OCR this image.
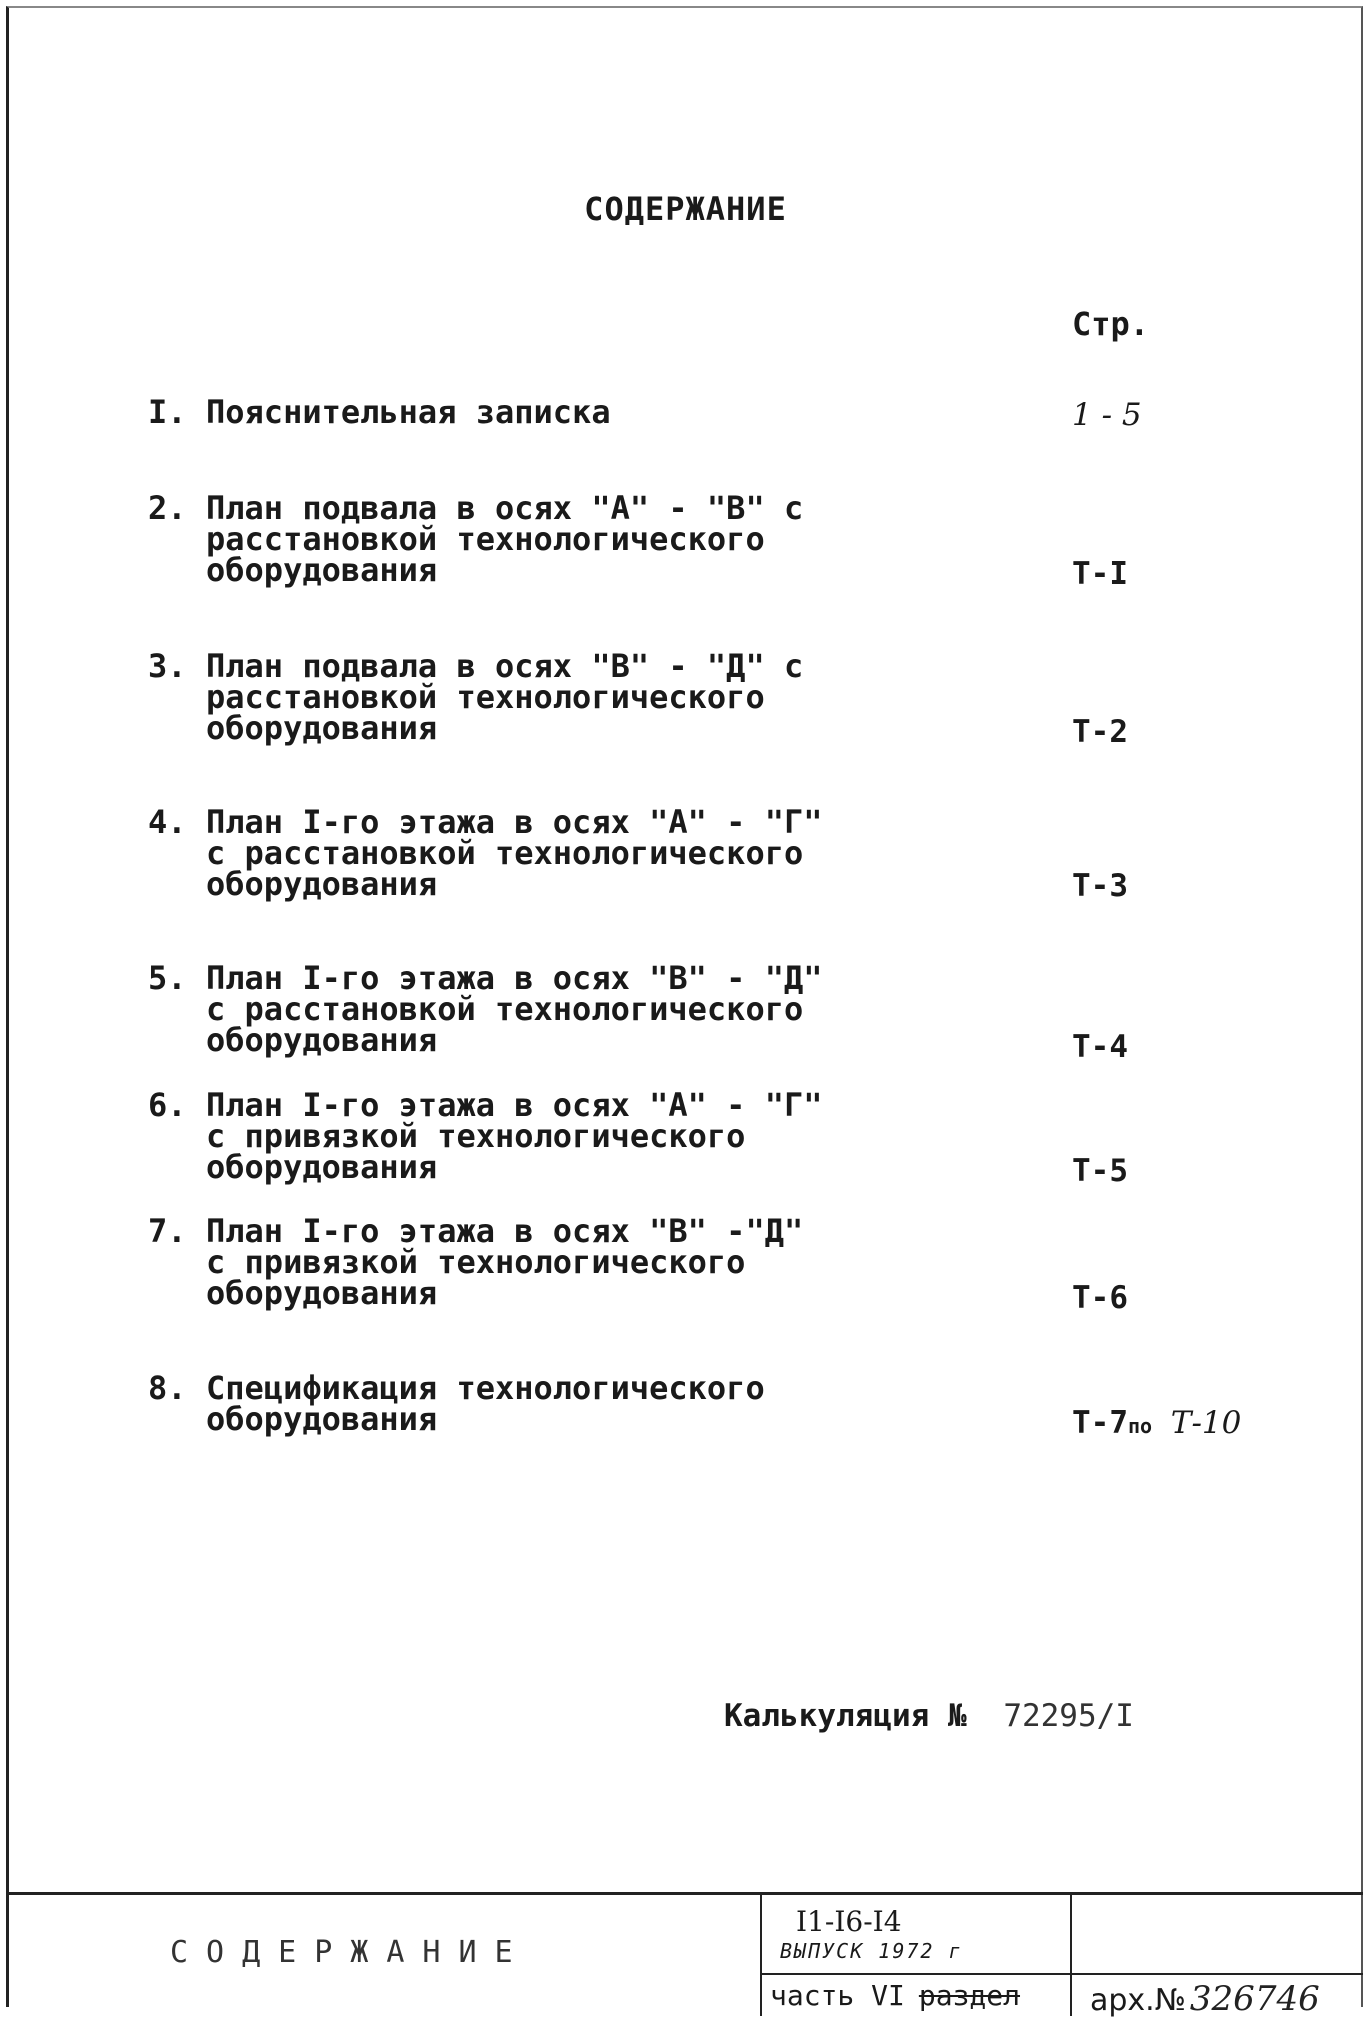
СОДЕРЖАНИЕ
Стр.
I. Пояснительная записка	1 - 5
2. План подвала в осях "А" - "В" с
расстановкой технологического
оборудования	Т-I
3. План подвала в осях "В" - "Д" с
расстановкой технологического
оборудования	Т-2
4. План I-го этажа в осях "А" - "Г"
с расстановкой технологического
оборудования	Т-3
5. План I-го этажа в осях "В" - "Д"
с расстановкой технологического
оборудования	Т-4
6. План I-го этажа в осях "А" - "Г"
с привязкой технологического
оборудования	Т-5
7. План I-го этажа в осях "В" -"Д"
с привязкой технологического
оборудования	Т-6
8. Спецификация технологического
оборудования	Т-7по Т-10
Калькуляция № 72295/I
СОДЕРЖАНИЕ
I1-I6-I4
ВЫПУСК 1972 г
часть VI раздел арх.№ 326746
